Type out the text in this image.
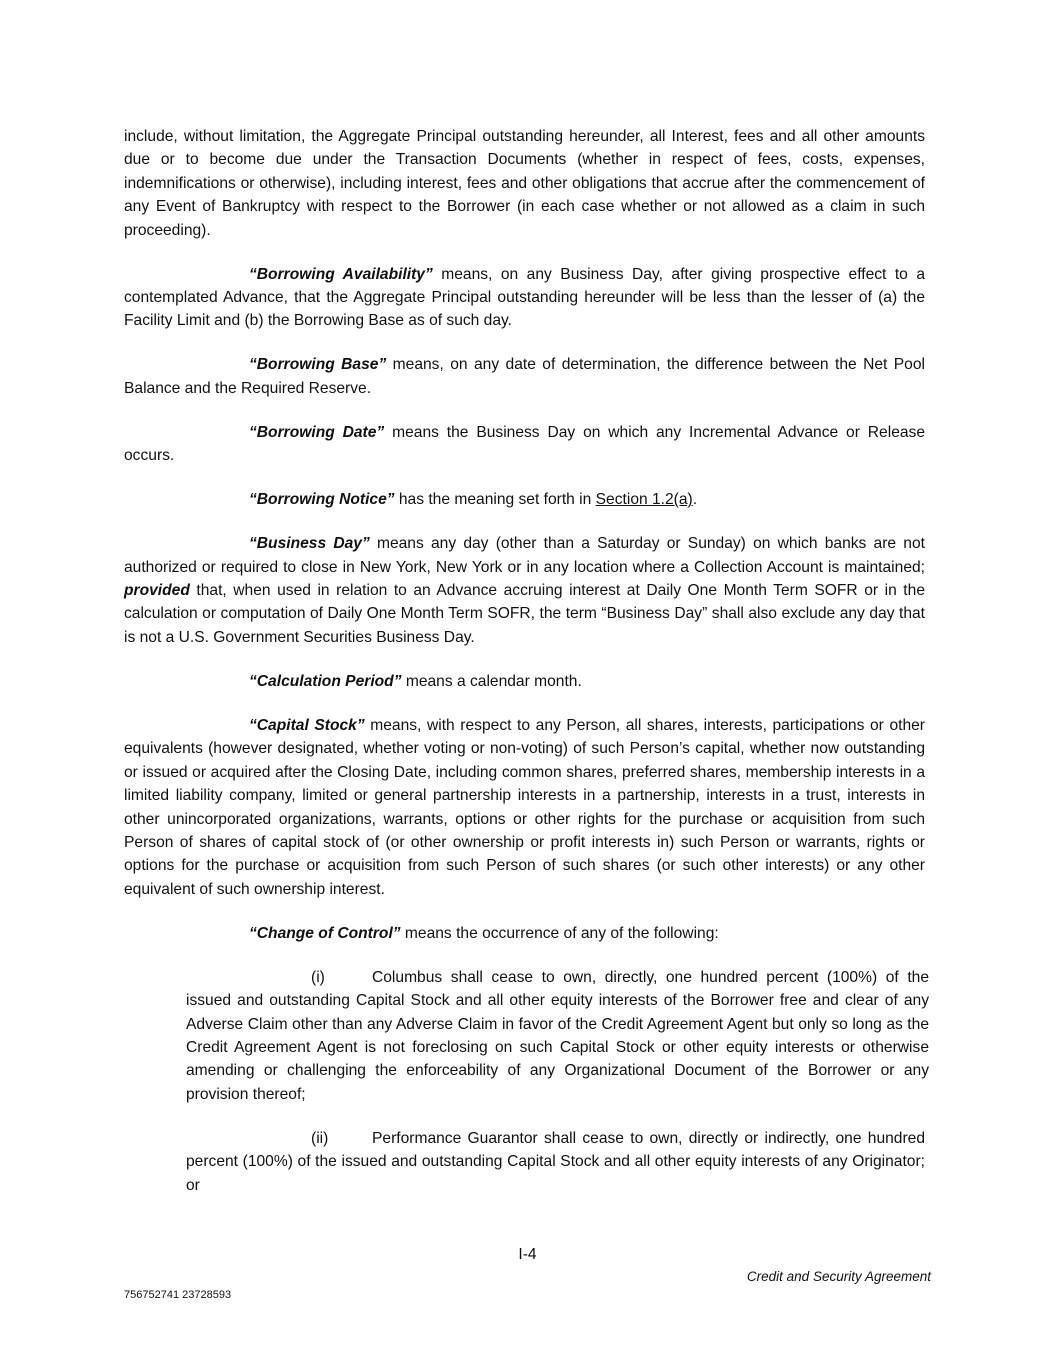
include, without limitation, the Aggregate Principal outstanding hereunder, all Interest, fees and all other amounts due or to become due under the Transaction Documents (whether in respect of fees, costs, expenses, indemnifications or otherwise), including interest, fees and other obligations that accrue after the commencement of any Event of Bankruptcy with respect to the Borrower (in each case whether or not allowed as a claim in such proceeding).

“Borrowing Availability” means, on any Business Day, after giving prospective effect to a contemplated Advance, that the Aggregate Principal outstanding hereunder will be less than the lesser of (a) the Facility Limit and (b) the Borrowing Base as of such day.

“Borrowing Base” means, on any date of determination, the difference between the Net Pool Balance and the Required Reserve.

“Borrowing Date” means the Business Day on which any Incremental Advance or Release occurs.

“Borrowing Notice” has the meaning set forth in Section 1.2(a).

“Business Day” means any day (other than a Saturday or Sunday) on which banks are not authorized or required to close in New York, New York or in any location where a Collection Account is maintained; provided that, when used in relation to an Advance accruing interest at Daily One Month Term SOFR or in the calculation or computation of Daily One Month Term SOFR, the term “Business Day” shall also exclude any day that is not a U.S. Government Securities Business Day.

“Calculation Period” means a calendar month.

“Capital Stock” means, with respect to any Person, all shares, interests, participations or other equivalents (however designated, whether voting or non-voting) of such Person’s capital, whether now outstanding or issued or acquired after the Closing Date, including common shares, preferred shares, membership interests in a limited liability company, limited or general partnership interests in a partnership, interests in a trust, interests in other unincorporated organizations, warrants, options or other rights for the purchase or acquisition from such Person of shares of capital stock of (or other ownership or profit interests in) such Person or warrants, rights or options for the purchase or acquisition from such Person of such shares (or such other interests) or any other equivalent of such ownership interest.

“Change of Control” means the occurrence of any of the following:

(i)	Columbus shall cease to own, directly, one hundred percent (100%) of the issued and outstanding Capital Stock and all other equity interests of the Borrower free and clear of any Adverse Claim other than any Adverse Claim in favor of the Credit Agreement Agent but only so long as the Credit Agreement Agent is not foreclosing on such Capital Stock or other equity interests or otherwise amending or challenging the enforceability of any Organizational Document of the Borrower or any provision thereof;

(ii)	Performance Guarantor shall cease to own, directly or indirectly, one hundred percent (100%) of the issued and outstanding Capital Stock and all other equity interests of any Originator; or

I-4
Credit and Security Agreement
756752741 23728593
